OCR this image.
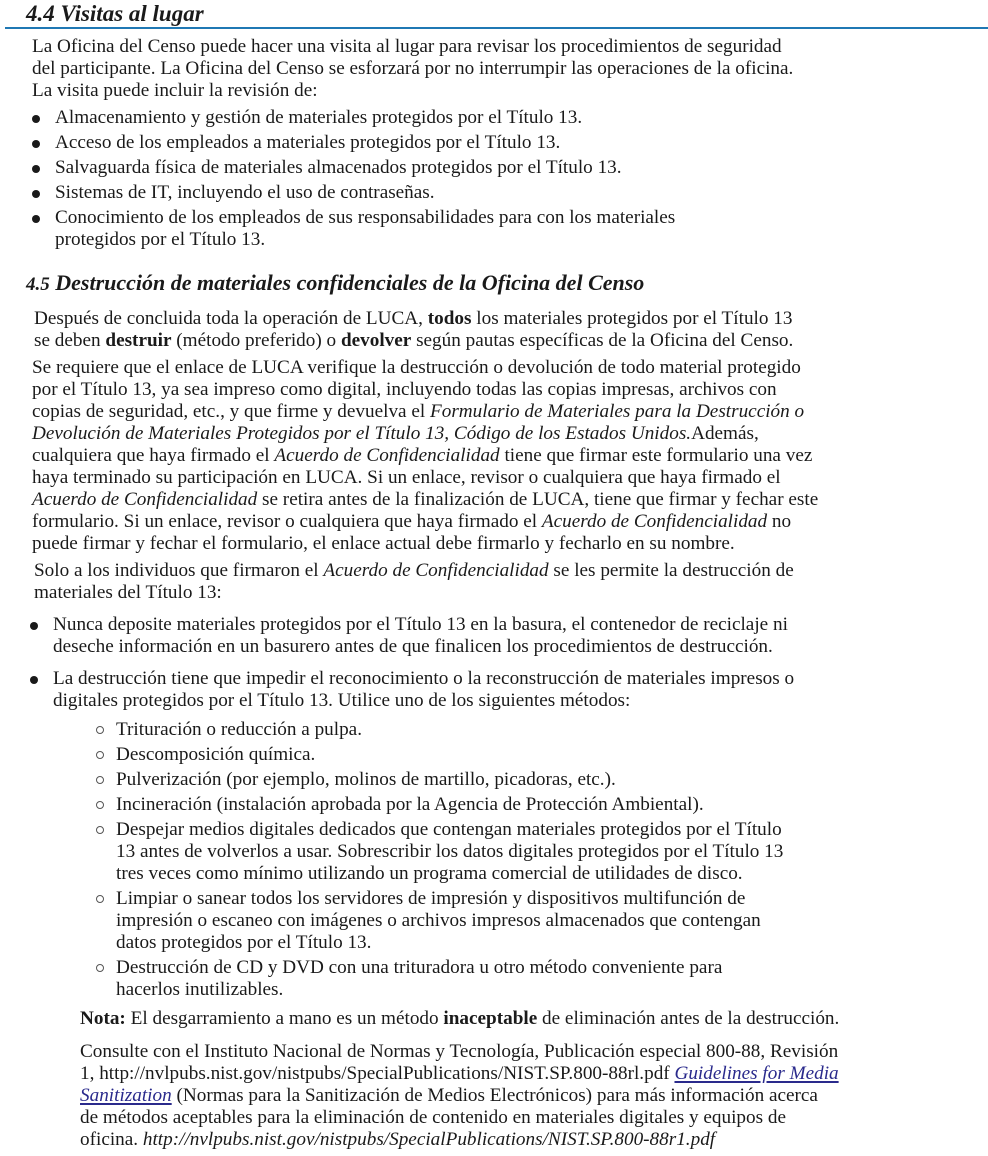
4.4 Visitas al lugar
La Oficina del Censo puede hacer una visita al lugar para revisar los procedimientos de seguridad
del participante. La Oficina del Censo se esforzará por no interrumpir las operaciones de la oficina.
La visita puede incluir la revisión de:
Almacenamiento y gestión de materiales protegidos por el Título 13.
Acceso de los empleados a materiales protegidos por el Título 13.
Salvaguarda física de materiales almacenados protegidos por el Título 13.
Sistemas de IT, incluyendo el uso de contraseñas.
Conocimiento de los empleados de sus responsabilidades para con los materiales
protegidos por el Título 13.
4.5 Destrucción de materiales confidenciales de la Oficina del Censo
Después de concluida toda la operación de LUCA, todos los materiales protegidos por el Título 13
se deben destruir (método preferido) o devolver según pautas específicas de la Oficina del Censo.
Se requiere que el enlace de LUCA verifique la destrucción o devolución de todo material protegido
por el Título 13, ya sea impreso como digital, incluyendo todas las copias impresas, archivos con
copias de seguridad, etc., y que firme y devuelva el Formulario de Materiales para la Destrucción o
Devolución de Materiales Protegidos por el Título 13, Código de los Estados Unidos.Además,
cualquiera que haya firmado el Acuerdo de Confidencialidad tiene que firmar este formulario una vez
haya terminado su participación en LUCA. Si un enlace, revisor o cualquiera que haya firmado el
Acuerdo de Confidencialidad se retira antes de la finalización de LUCA, tiene que firmar y fechar este
formulario. Si un enlace, revisor o cualquiera que haya firmado el Acuerdo de Confidencialidad no
puede firmar y fechar el formulario, el enlace actual debe firmarlo y fecharlo en su nombre.
Solo a los individuos que firmaron el Acuerdo de Confidencialidad se les permite la destrucción de
materiales del Título 13:
Nunca deposite materiales protegidos por el Título 13 en la basura, el contenedor de reciclaje ni
deseche información en un basurero antes de que finalicen los procedimientos de destrucción.
La destrucción tiene que impedir el reconocimiento o la reconstrucción de materiales impresos o
digitales protegidos por el Título 13. Utilice uno de los siguientes métodos:
Trituración o reducción a pulpa.
Descomposición química.
Pulverización (por ejemplo, molinos de martillo, picadoras, etc.).
Incineración (instalación aprobada por la Agencia de Protección Ambiental).
Despejar medios digitales dedicados que contengan materiales protegidos por el Título
13 antes de volverlos a usar. Sobrescribir los datos digitales protegidos por el Título 13
tres veces como mínimo utilizando un programa comercial de utilidades de disco.
Limpiar o sanear todos los servidores de impresión y dispositivos multifunción de
impresión o escaneo con imágenes o archivos impresos almacenados que contengan
datos protegidos por el Título 13.
Destrucción de CD y DVD con una trituradora u otro método conveniente para
hacerlos inutilizables.
Nota: El desgarramiento a mano es un método inaceptable de eliminación antes de la destrucción.
Consulte con el Instituto Nacional de Normas y Tecnología, Publicación especial 800-88, Revisión
1, http://nvlpubs.nist.gov/nistpubs/SpecialPublications/NIST.SP.800-88rl.pdf Guidelines for Media
Sanitization (Normas para la Sanitización de Medios Electrónicos) para más información acerca
de métodos aceptables para la eliminación de contenido en materiales digitales y equipos de
oficina. http://nvlpubs.nist.gov/nistpubs/SpecialPublications/NIST.SP.800-88r1.pdf
